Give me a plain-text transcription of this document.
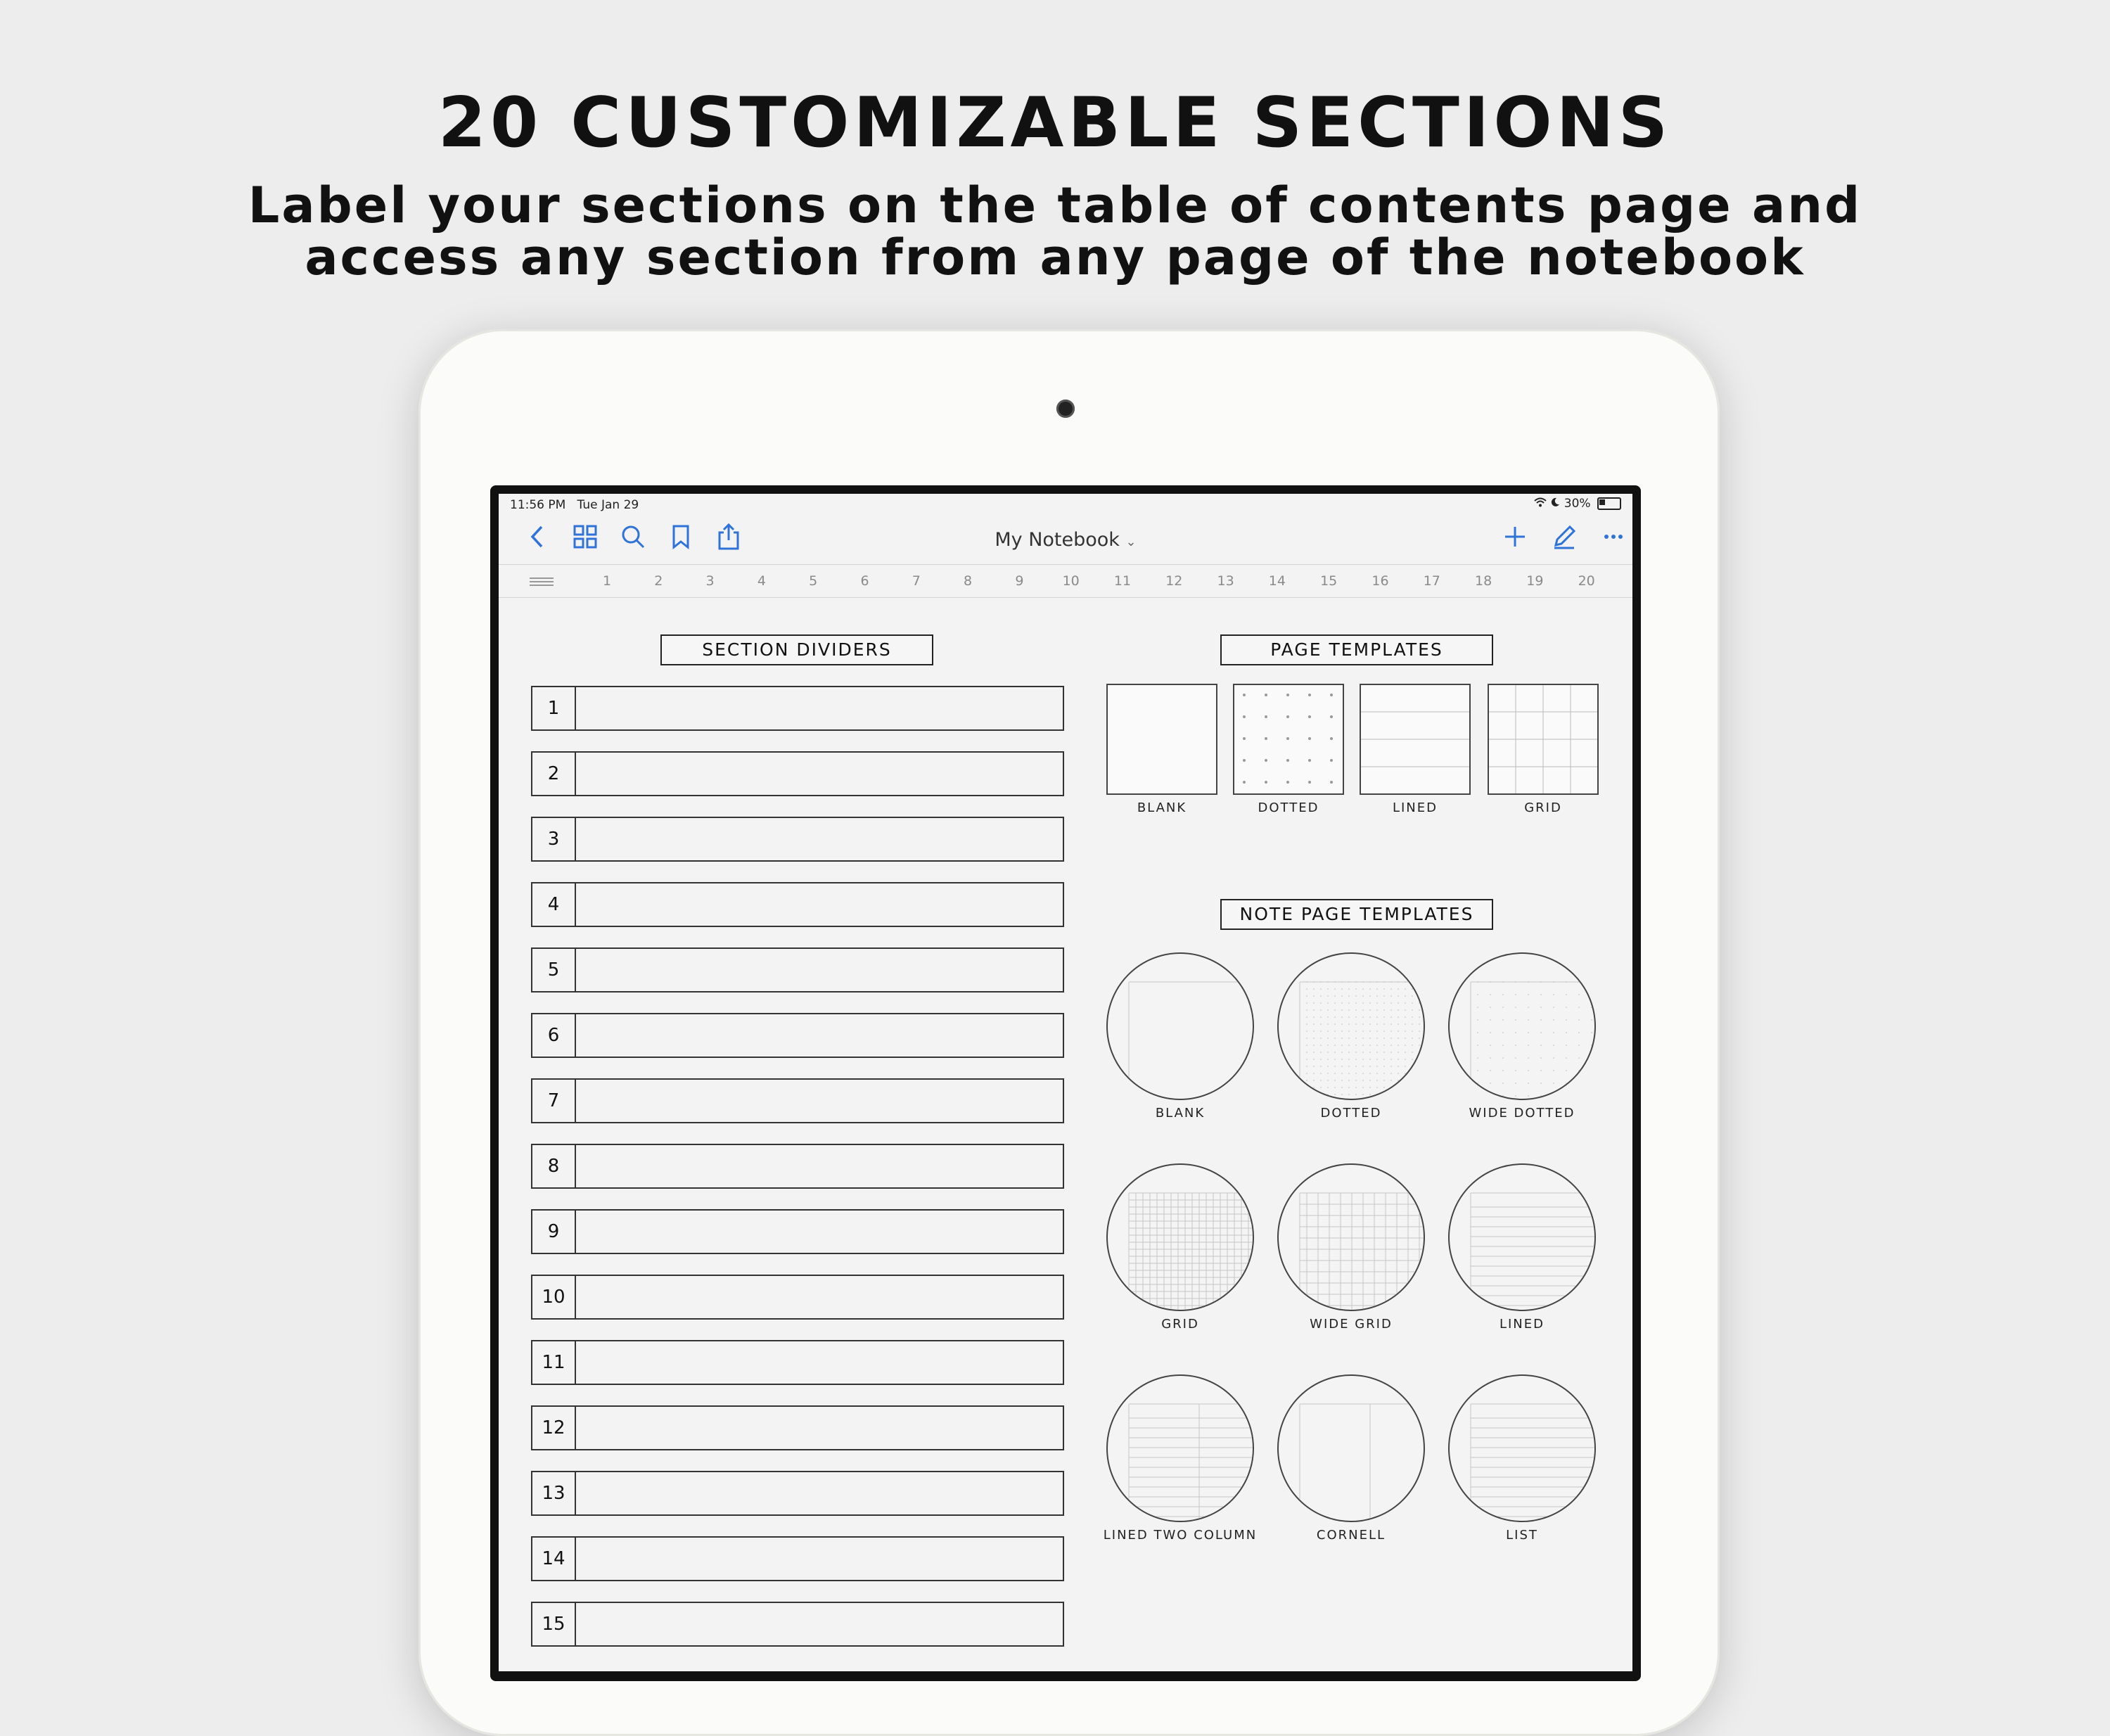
20 CUSTOMIZABLE SECTIONS
Label your sections on the table of contents page and
access any section from any page of the notebook
11:56 PM Tue Jan 29	30%
My Notebook ⌄
1	2	3	4	5	6	7	8	9	10	11	12	13	14	15	16	17	18	19	20
SECTION DIVIDERS
1
2
3
4
5
6
7
8
9
10
11
12
13
14
15
PAGE TEMPLATES
BLANK	DOTTED	LINED	GRID
NOTE PAGE TEMPLATES
BLANK	DOTTED	WIDE DOTTED
GRID	WIDE GRID	LINED
LINED TWO COLUMN	CORNELL	LIST
